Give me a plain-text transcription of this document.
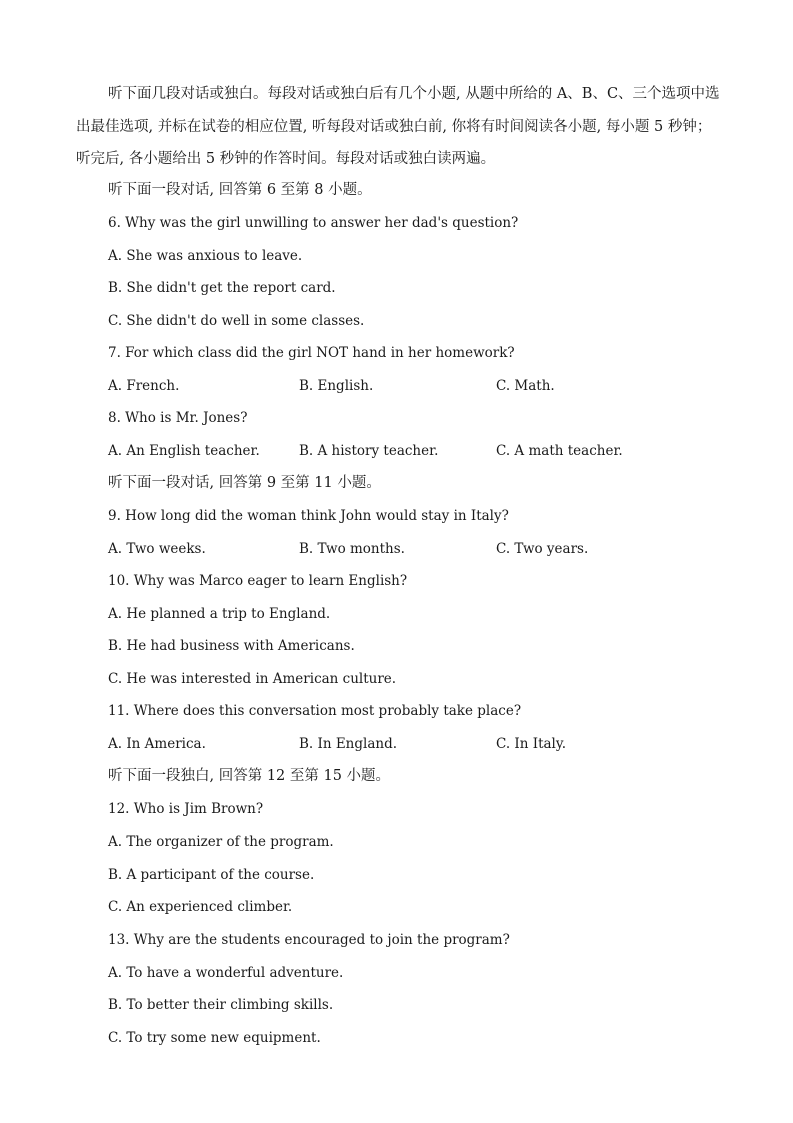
听下面几段对话或独白。每段对话或独白后有几个小题, 从题中所给的 A、B、C、三个选项中选出最佳选项, 并标在试卷的相应位置, 听每段对话或独白前, 你将有时间阅读各小题, 每小题 5 秒钟；听完后, 各小题给出 5 秒钟的作答时间。每段对话或独白读两遍。

听下面一段对话, 回答第 6 至第 8 小题。
6. Why was the girl unwilling to answer her dad's question?
A. She was anxious to leave.
B. She didn't get the report card.
C. She didn't do well in some classes.
7. For which class did the girl NOT hand in her homework?
A. French.	B. English.	C. Math.
8. Who is Mr. Jones?
A. An English teacher.	B. A history teacher.	C. A math teacher.
听下面一段对话, 回答第 9 至第 11 小题。
9. How long did the woman think John would stay in Italy?
A. Two weeks.	B. Two months.	C. Two years.
10. Why was Marco eager to learn English?
A. He planned a trip to England.
B. He had business with Americans.
C. He was interested in American culture.
11. Where does this conversation most probably take place?
A. In America.	B. In England.	C. In Italy.
听下面一段独白, 回答第 12 至第 15 小题。
12. Who is Jim Brown?
A. The organizer of the program.
B. A participant of the course.
C. An experienced climber.
13. Why are the students encouraged to join the program?
A. To have a wonderful adventure.
B. To better their climbing skills.
C. To try some new equipment.
